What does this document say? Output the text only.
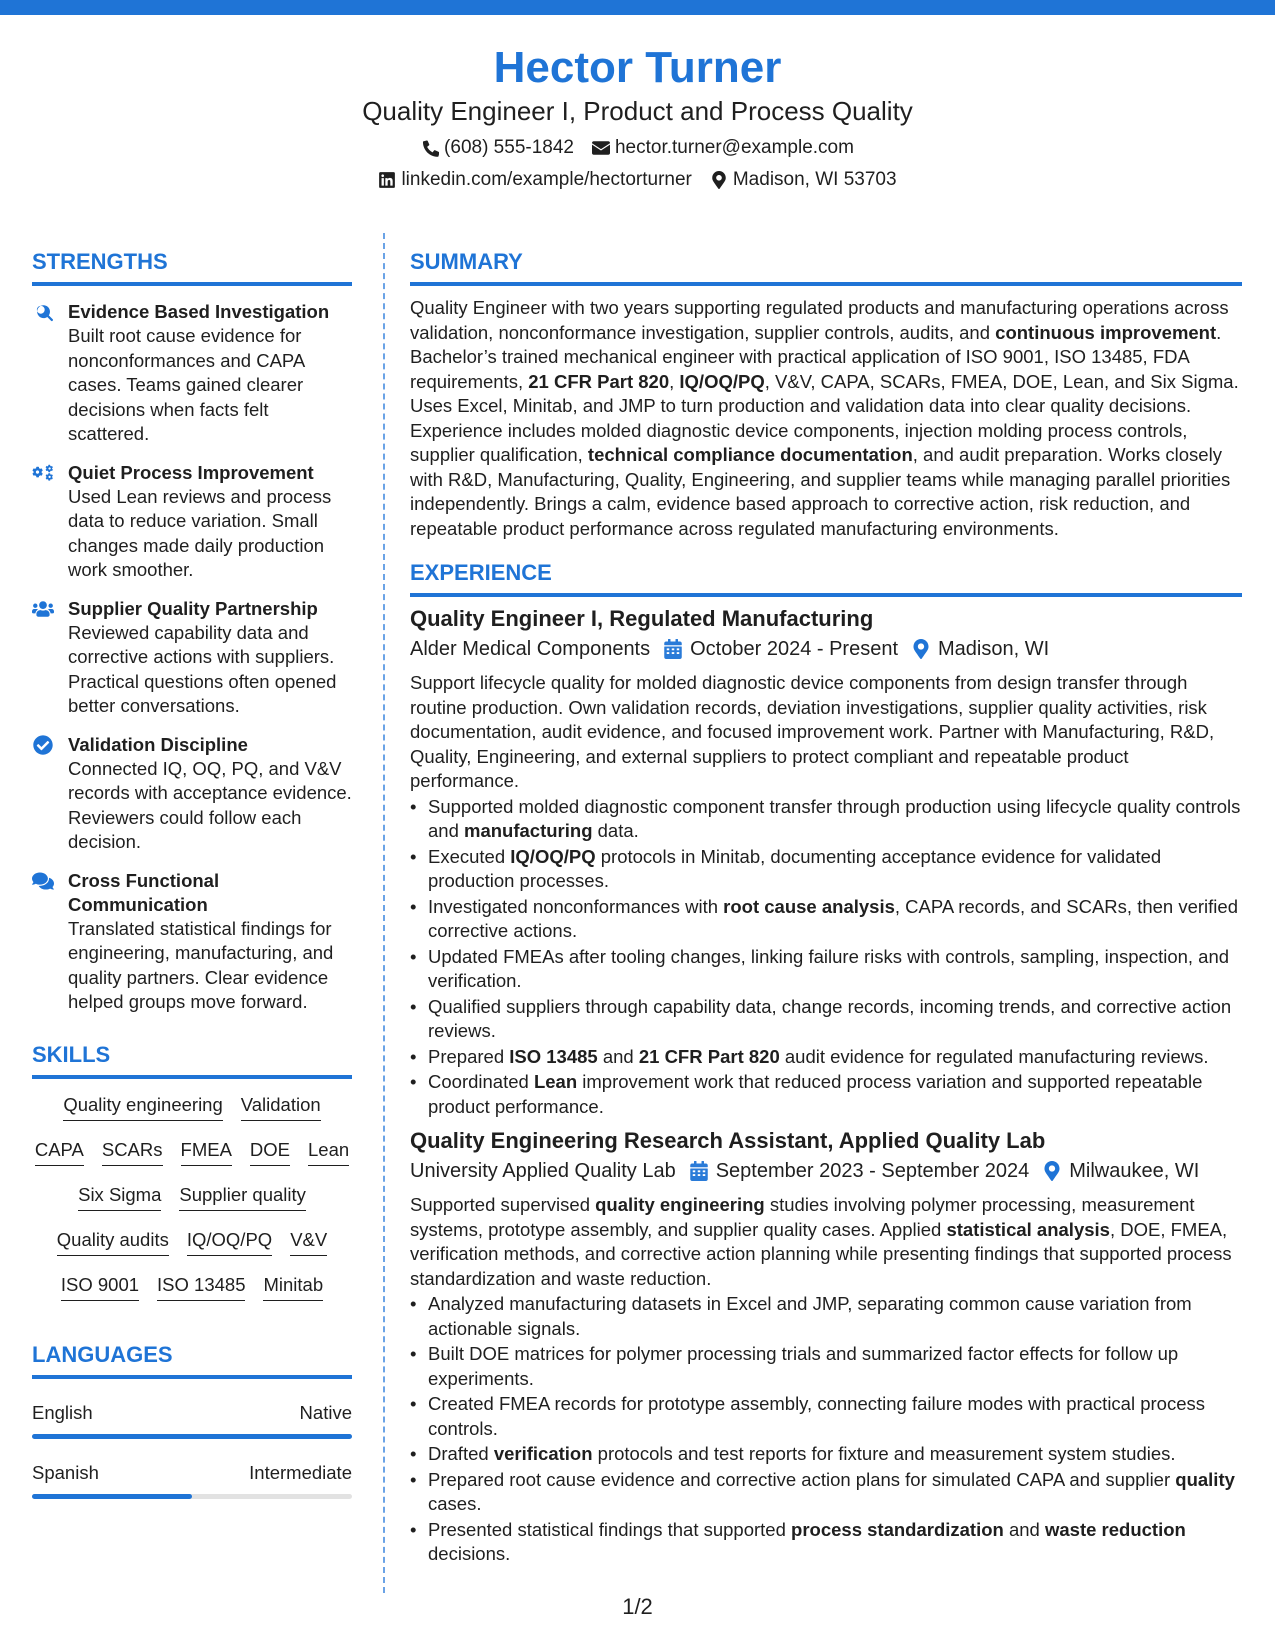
Hector Turner
Quality Engineer I, Product and Process Quality
(608) 555-1842 hector.turner@example.com
linkedin.com/example/hectorturner Madison, WI 53703
STRENGTHS
Evidence Based Investigation
Built root cause evidence for nonconformances and CAPA cases. Teams gained clearer decisions when facts felt scattered.
Quiet Process Improvement
Used Lean reviews and process data to reduce variation. Small changes made daily production work smoother.
Supplier Quality Partnership
Reviewed capability data and corrective actions with suppliers. Practical questions often opened better conversations.
Validation Discipline
Connected IQ, OQ, PQ, and V&V records with acceptance evidence. Reviewers could follow each decision.
Cross Functional Communication
Translated statistical findings for engineering, manufacturing, and quality partners. Clear evidence helped groups move forward.
SKILLS
Quality engineering Validation
CAPA SCARs FMEA DOE Lean
Six Sigma Supplier quality
Quality audits IQ/OQ/PQ V&V
ISO 9001 ISO 13485 Minitab
LANGUAGES
English	Native
Spanish	Intermediate
SUMMARY
Quality Engineer with two years supporting regulated products and manufacturing operations across validation, nonconformance investigation, supplier controls, audits, and continuous improvement. Bachelor’s trained mechanical engineer with practical application of ISO 9001, ISO 13485, FDA requirements, 21 CFR Part 820, IQ/OQ/PQ, V&V, CAPA, SCARs, FMEA, DOE, Lean, and Six Sigma. Uses Excel, Minitab, and JMP to turn production and validation data into clear quality decisions. Experience includes molded diagnostic device components, injection molding process controls, supplier qualification, technical compliance documentation, and audit preparation. Works closely with R&D, Manufacturing, Quality, Engineering, and supplier teams while managing parallel priorities independently. Brings a calm, evidence based approach to corrective action, risk reduction, and repeatable product performance across regulated manufacturing environments.
EXPERIENCE
Quality Engineer I, Regulated Manufacturing
Alder Medical Components October 2024 - Present Madison, WI
Support lifecycle quality for molded diagnostic device components from design transfer through routine production. Own validation records, deviation investigations, supplier quality activities, risk documentation, audit evidence, and focused improvement work. Partner with Manufacturing, R&D, Quality, Engineering, and external suppliers to protect compliant and repeatable product performance.
• Supported molded diagnostic component transfer through production using lifecycle quality controls and manufacturing data.
• Executed IQ/OQ/PQ protocols in Minitab, documenting acceptance evidence for validated production processes.
• Investigated nonconformances with root cause analysis, CAPA records, and SCARs, then verified corrective actions.
• Updated FMEAs after tooling changes, linking failure risks with controls, sampling, inspection, and verification.
• Qualified suppliers through capability data, change records, incoming trends, and corrective action reviews.
• Prepared ISO 13485 and 21 CFR Part 820 audit evidence for regulated manufacturing reviews.
• Coordinated Lean improvement work that reduced process variation and supported repeatable product performance.
Quality Engineering Research Assistant, Applied Quality Lab
University Applied Quality Lab September 2023 - September 2024 Milwaukee, WI
Supported supervised quality engineering studies involving polymer processing, measurement systems, prototype assembly, and supplier quality cases. Applied statistical analysis, DOE, FMEA, verification methods, and corrective action planning while presenting findings that supported process standardization and waste reduction.
• Analyzed manufacturing datasets in Excel and JMP, separating common cause variation from actionable signals.
• Built DOE matrices for polymer processing trials and summarized factor effects for follow up experiments.
• Created FMEA records for prototype assembly, connecting failure modes with practical process controls.
• Drafted verification protocols and test reports for fixture and measurement system studies.
• Prepared root cause evidence and corrective action plans for simulated CAPA and supplier quality cases.
• Presented statistical findings that supported process standardization and waste reduction decisions.
1/2
